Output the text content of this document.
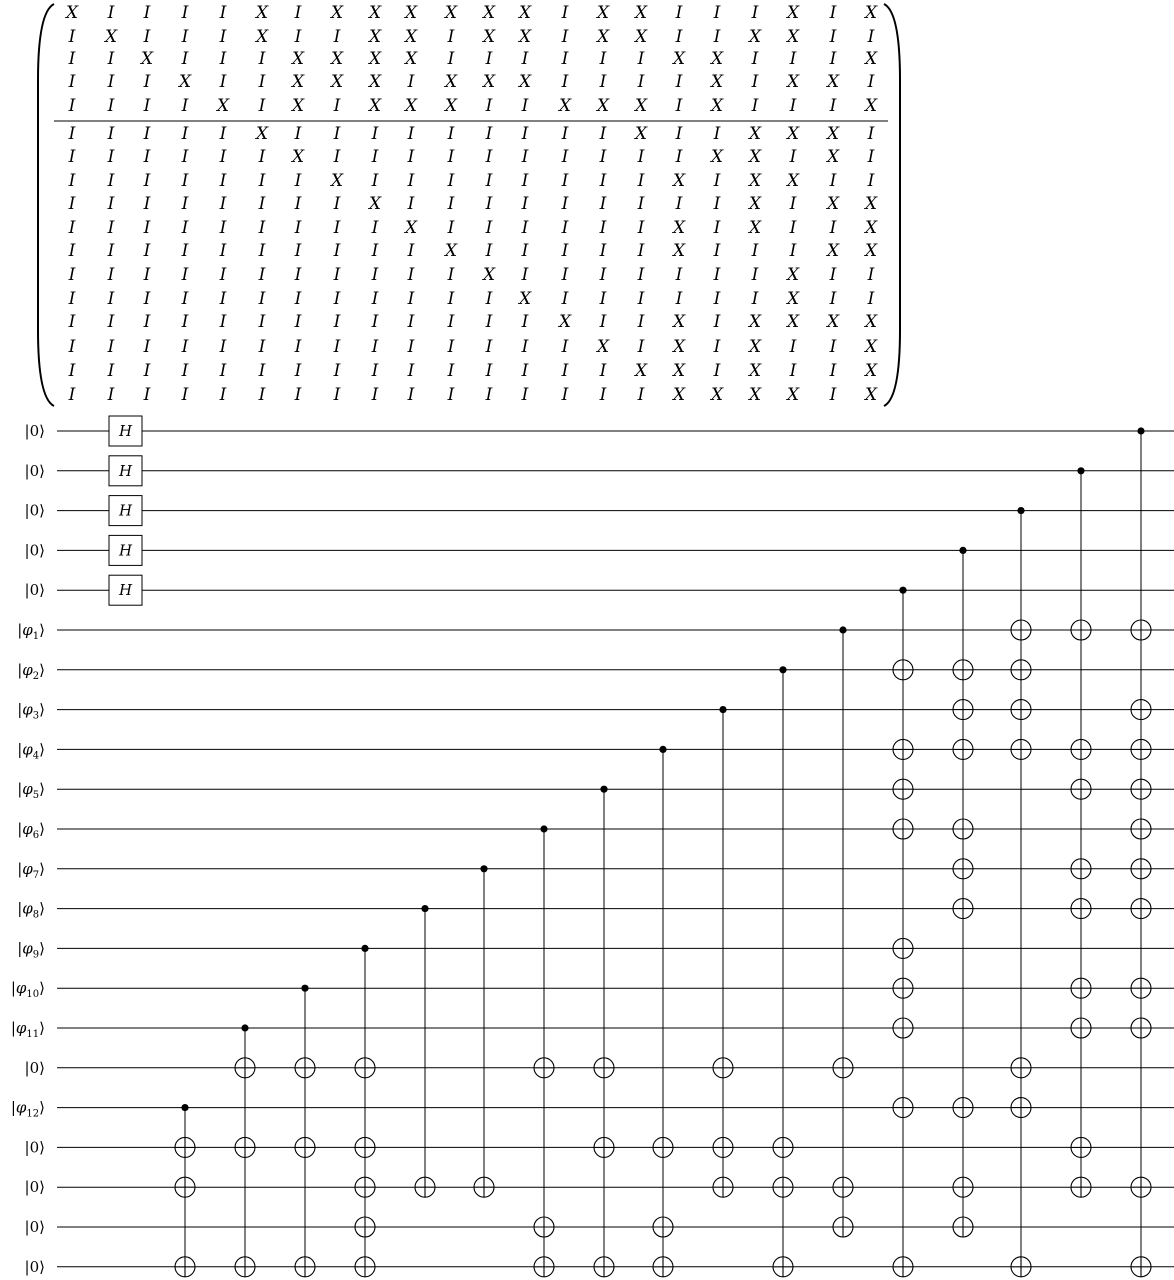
X I I I I X I X X X X X X I X X I I I X I X
I X I I I X I I X X I X X I X X I I X X I I
I I X I I I X X X X I I I I I I X X I I I X
I I I X I I X X X I X X X I I I I X I X X I
I I I I X I X I X X X I I X X X I X I I I X
I I I I I X I I I I I I I I I X I I X X X I
I I I I I I X I I I I I I I I I I X X I X I
I I I I I I I X I I I I I I I I X I X X I I
I I I I I I I I X I I I I I I I I I X I X X
I I I I I I I I I X I I I I I I X I X I I X
I I I I I I I I I I X I I I I I X I I I X X
I I I I I I I I I I I X I I I I I I I X I I
I I I I I I I I I I I I X I I I I I I X I I
I I I I I I I I I I I I I X I I X I X X X X
I I I I I I I I I I I I I I X I X I X I I X
I I I I I I I I I I I I I I I X X I X I I X
I I I I I I I I I I I I I I I I X X X X I X
|0⟩
|0⟩
|0⟩
|0⟩
|0⟩
$|\varphi_1⟩$
$|\varphi_2⟩$
$|\varphi_3⟩$
$|\varphi_4⟩$
$|\varphi_5⟩$
$|\varphi_6⟩$
$|\varphi_7⟩$
$|\varphi_8⟩$
$|\varphi_9⟩$
$|\varphi_{10}⟩$
$|\varphi_{11}⟩$
|0⟩
$|\varphi_{12}⟩$
|0⟩
|0⟩
|0⟩
|0⟩
H
H
H
H
H
